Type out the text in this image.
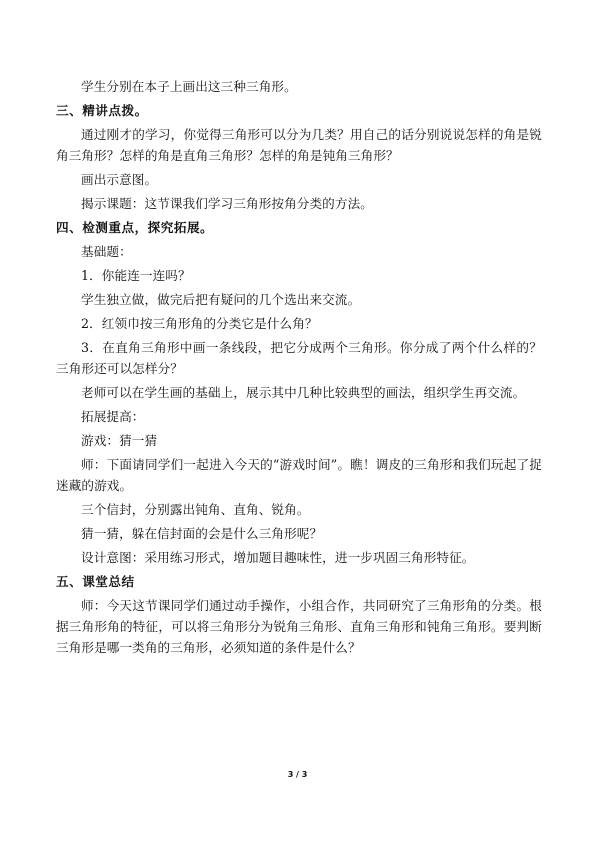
学生分别在本子上画出这三种三角形。

三、精讲点拨。

通过刚才的学习，你觉得三角形可以分为几类？用自己的话分别说说怎样的角是锐角三角形？怎样的角是直角三角形？怎样的角是钝角三角形？

画出示意图。

揭示课题：这节课我们学习三角形按角分类的方法。

四、检测重点，探究拓展。

基础题：

1．你能连一连吗？

学生独立做，做完后把有疑问的几个选出来交流。

2．红领巾按三角形角的分类它是什么角？

3．在直角三角形中画一条线段，把它分成两个三角形。你分成了两个什么样的？三角形还可以怎样分？

老师可以在学生画的基础上，展示其中几种比较典型的画法，组织学生再交流。

拓展提高：

游戏：猜一猜

师：下面请同学们一起进入今天的“游戏时间”。瞧！调皮的三角形和我们玩起了捉迷藏的游戏。

三个信封，分别露出钝角、直角、锐角。

猜一猜，躲在信封面的会是什么三角形呢？

设计意图：采用练习形式，增加题目趣味性，进一步巩固三角形特征。

五、课堂总结

师：今天这节课同学们通过动手操作，小组合作，共同研究了三角形角的分类。根据三角形角的特征，可以将三角形分为锐角三角形、直角三角形和钝角三角形。要判断三角形是哪一类角的三角形，必须知道的条件是什么？

3 / 3
